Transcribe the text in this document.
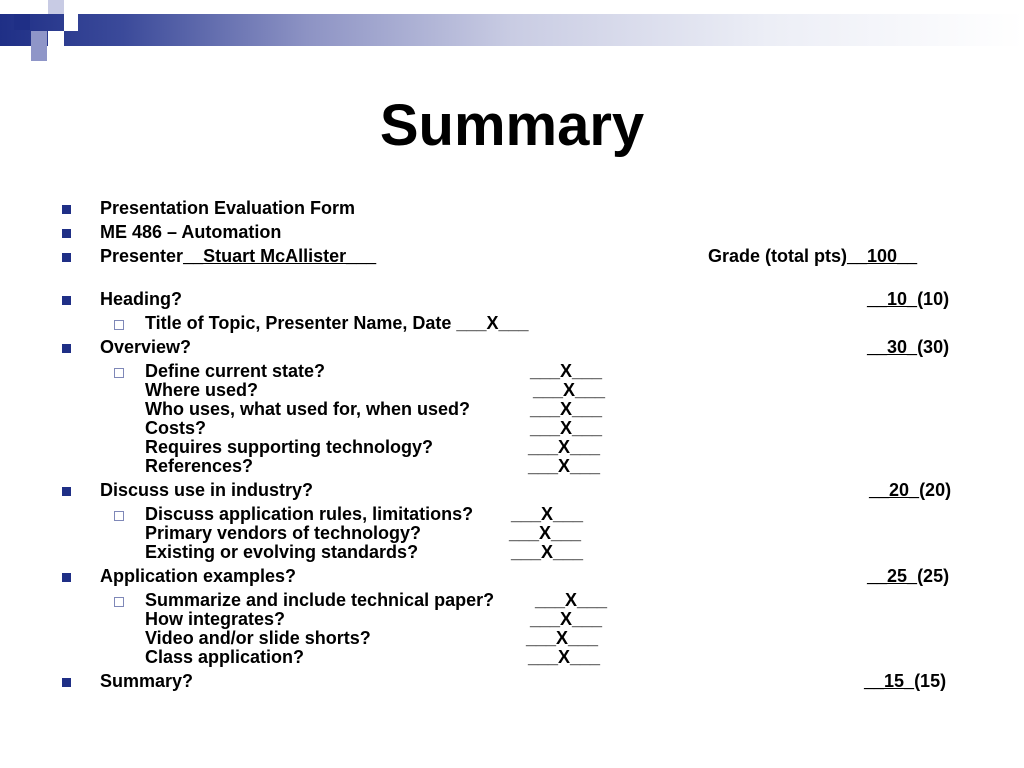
Summary
Presentation Evaluation Form
ME 486 – Automation
Presenter__Stuart McAllister___	Grade (total pts)__100__
Heading?	__10_(10)
Title of Topic, Presenter Name, Date ___X___
Overview?	__30_(30)
Define current state?	___X___
Where used?	___X___
Who uses, what used for, when used?	___X___
Costs?	___X___
Requires supporting technology?	___X___
References?	___X___
Discuss use in industry?	__20_(20)
Discuss application rules, limitations? ___X___
Primary vendors of technology?	___X___
Existing or evolving standards?	___X___
Application examples?	__25_(25)
Summarize and include technical paper? ___X___
How integrates?	___X___
Video and/or slide shorts?	___X___
Class application?	___X___
Summary?	__15_(15)
